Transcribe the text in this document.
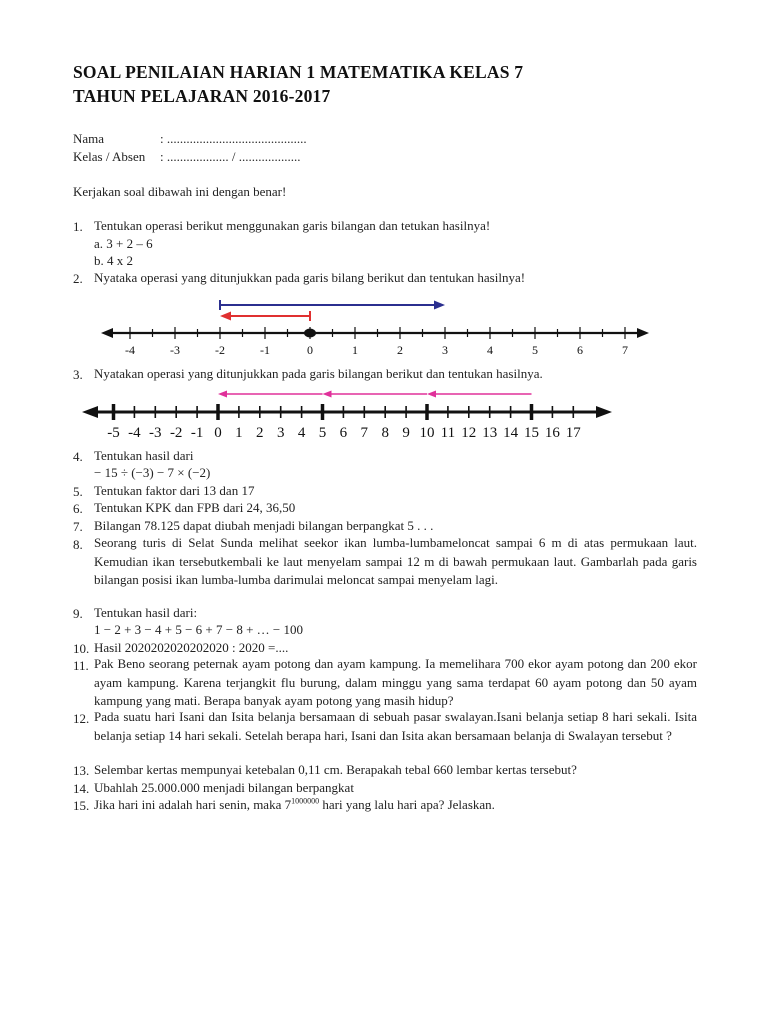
SOAL PENILAIAN HARIAN 1 MATEMATIKA KELAS 7
TAHUN PELAJARAN 2016-2017
Nama	: ...........................................
Kelas / Absen : ................... / ...................
Kerjakan soal dibawah ini dengan benar!
1. Tentukan operasi berikut menggunakan garis bilangan dan tetukan hasilnya!
a. 3 + 2 – 6
b. 4 x 2
2. Nyataka operasi yang ditunjukkan pada garis bilang berikut dan tentukan hasilnya!
-4	-3	-2	-1	0	1	2	3	4	5	6	7
3. Nyatakan operasi yang ditunjukkan pada garis bilangan berikut dan tentukan hasilnya.
-5 -4 -3 -2 -1 0 1 2 3 4 5 6 7 8 9 10 11 12 13 14 15 16 17
4. Tentukan hasil dari
− 15 ÷ (−3) − 7 × (−2)
5. Tentukan faktor dari 13 dan 17
6. Tentukan KPK dan FPB dari 24, 36,50
7. Bilangan 78.125 dapat diubah menjadi bilangan berpangkat 5 . . .
8. Seorang turis di Selat Sunda melihat seekor ikan lumba-lumbameloncat sampai 6 m di atas permukaan laut. Kemudian ikan tersebutkembali ke laut menyelam sampai 12 m di bawah permukaan laut. Gambarlah pada garis bilangan posisi ikan lumba-lumba darimulai meloncat sampai menyelam lagi.
9. Tentukan hasil dari:
1 − 2 + 3 − 4 + 5 − 6 + 7 − 8 + … − 100
10. Hasil 2020202020202020 : 2020 =....
11. Pak Beno seorang peternak ayam potong dan ayam kampung. Ia memelihara 700 ekor ayam potong dan 200 ekor ayam kampung. Karena terjangkit flu burung, dalam minggu yang sama terdapat 60 ayam potong dan 50 ayam kampung yang mati. Berapa banyak ayam potong yang masih hidup?
12. Pada suatu hari Isani dan Isita belanja bersamaan di sebuah pasar swalayan.Isani belanja setiap 8 hari sekali. Isita belanja setiap 14 hari sekali. Setelah berapa hari, Isani dan Isita akan bersamaan belanja di Swalayan tersebut ?
13. Selembar kertas mempunyai ketebalan 0,11 cm. Berapakah tebal 660 lembar kertas tersebut?
14. Ubahlah 25.000.000 menjadi bilangan berpangkat
15. Jika hari ini adalah hari senin, maka $7^{1000000}$ hari yang lalu hari apa? Jelaskan.
